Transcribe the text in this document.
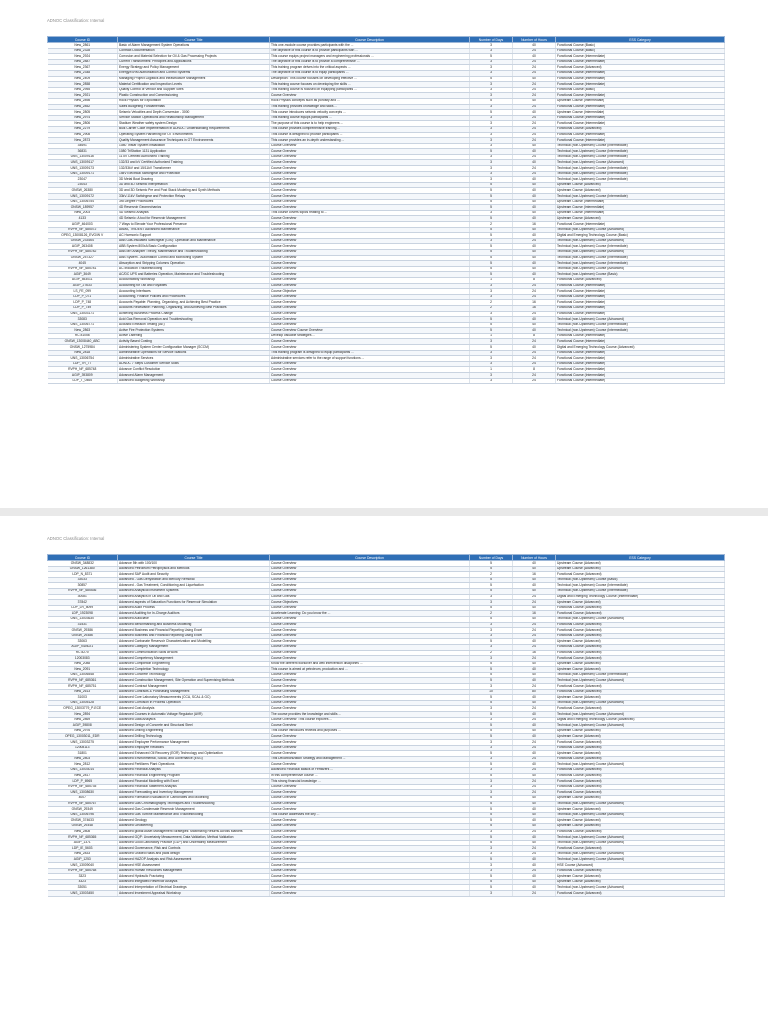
ADNOC Classification: Internal
Course ID	Course Title	Course Description	Number of Days	Number of Hours	ESS Category
New_2861	Basic of Alarm Management System Operations	This one-module course provides participants with the ...	3	40	Functional Course (Basic)
New_2328	Contract Documentation	The objective of this course is to provide participants with ...	3	24	Functional Course (Basic)
New_2924	Corrosion and Material Selection for Oil & Gas Processing Projects	This course equips project managers and engineering professionals ...	5	40	Functional Course (Intermediate)
New_2887	Current Transformers: Principles and Applications	The objective of this course is to provide a comprehensive ...	3	24	Functional Course (Intermediate)
New_2367	Energy Strategy and Policy Management	This training program delves into the critical aspects ...	3	24	Functional Course (Advanced)
New_2348	Energy/ISRM Authorization and Control Systems	The objective of this course is to equip participants ...	3	24	Functional Course (Intermediate)
New_2409	Managing Project Logistics and Infrastructure Management	Description: This course focuses on developing effective ...	5	40	Functional Course (Intermediate)
New_2858	Material Certification and Inspection Levels	This training course focuses on developing the skills ...	3	24	Functional Course (Intermediate)
New_2955	Quality Control of Vendor and Supplier Sites	This training course is focused on equipping participants ...	3	24	Functional Course (Basic)
New_2921	Plastic Construction and Commissioning	Course Overview	3	24	Functional Course (Intermediate)
New_2898	Rock Physics for Exploration	Rock Physics concepts such as porosity and ...	5	40	Upstream Course (Intermediate)
New_2852	Sales Budgeting Fundamentals	This training provides knowledge and skills ...	3	24	Functional Course (Intermediate)
New_2805	Seismic Velocities and Depth Conversion - 3000	This course introduces seismic velocity concepts ...	5	40	Upstream Course (Intermediate)
New_2974	Service Station Operations and Relationship Management	This training course equips participants ...	3	24	Functional Course (Intermediate)
New_2806	Stadium Weather safety system Design	The purpose of this course is to help engineers ...	3	24	Functional Course (Intermediate)
New_2279	Bulk Carrier Code Implementation in ADNOC: Understanding Requirements	This course provides comprehensive training ...	3	24	Functional Course (Advanced)
New_2908	Operating System Hardening for OT Environments	This course is designed to provide participants ...	3	24	Functional Course (Intermediate)
New_2873	Quality Management Assurance Techniques in OT Environments	This course provides an in-depth understanding ...	3	24	Functional Course (Intermediate)
34691	1080 Tristar System Installation	Course Overview	3	40	Technical (non-Upstream) Course (Intermediate)
36831	1080 TriStation 1131 Application	Course Overview	5	40	Technical (non-Upstream) Course (Intermediate)
UNS_13009116	11 kV Certified Authorized Training	Course Overview	3	24	Technical (non-Upstream) Course (Intermediate)
UNS_13009117	132/33 and kV Certified Authorized Training	Course Overview	3	40	Technical (non-Upstream) Course (Advanced)
UNS_13009173	132/33kV and 15/11kV Transformer	Course Overview	3	24	Technical (non-Upstream) Course (Intermediate)
UNS_13009171	15kV Electrical Switchgear and Protection	Course Overview	3	24	Technical (non-Upstream) Course (Intermediate)
23047	3D Metal Boat Drawing	Course Overview	3	40	Technical (non-Upstream) Course (Intermediate)
23043	3D and 4D Seismic Interpretation	Course Overview	5	40	Upstream Course (Advanced)
ONSW_26380	3D and 3D Seismic Pre and Post Stack Modeling and Synth Methods	Course Overview	5	40	Upstream Course (Advanced)
UNS_13009172	33kV-11kV Switchgear and Protection Relays	Course Overview	5	40	Technical (non-Upstream) Course (Intermediate)
UNS_13006754	3rd Degree Procedures	Course Overview	5	40	Upstream Course (Intermediate)
ONSW_189957	4D Reservoir Geomechanics	Course Overview	5	40	Upstream Course (Intermediate)
New_2003	4D Seismic Analysis	This course covers topics relating to ...	3	40	Upstream Course (Intermediate)
4133	4D Seismic: A tool for Reservoir Management	Course Overview	5	40	Upstream Course (Advanced)
AGIP_464003	7 Ways to Elevate Your Professional Presence	Course Overview	2	16	Functional Course (Intermediate)
RVPH_NF_685072	ABMA, TRIDENT Advanced Maintenance	Course Overview	5	40	Technical (non-Upstream) Course (Advanced)
OPEG_13008126_EVG/W V	AC Harmonic Support	Course Overview	5	40	Digital and Emerging Technology Course (Basic)
ONSW_233464	ABB Gas-Insulated Switchgear (GIS): Operation and Maintenance	Course Overview	3	24	Technical (non-Upstream) Course (Advanced)
AGIP_263408	ABB System 800xA Basic Configuration	Course Overview	5	40	Technical (non-Upstream) Course (Intermediate)
RVPH_NF_685782	ABB MR Analyzer Theory, Maintenance and Troubleshooting	Course Overview	5	40	Technical (non-Upstream) Course (Advanced)
ONSW_257327	ABB System - Automation Control and Monitoring System	Course Overview	5	40	Technical (non-Upstream) Course (Intermediate)
4045	Absorption and Stripping Columns Operation	Course Overview	5	40	Technical (non-Upstream) Course (Intermediate)
RVPH_NF_685781	AC Induction Troubleshooting	Course Overview	5	40	Technical (non-Upstream) Course (Advanced)
AGIP_3649	AC/DC UPS and Batteries Operation, Maintenance and Troubleshooting	Course Overview	5	40	Technical (non-Upstream) Course (Basic)
AGIP_553011	Accountability Workshop	Course Overview	1	8	Functional Course (Advanced)
AGIP_27633	Accounting for Tax and Royalties	Course Overview	3	24	Functional Course (Intermediate)
LS_FE_099	Accounting Interfaces	Course Objective	3	24	Functional Course (Intermediate)
LDP_P_071	Accounting, Finance Policies and Procedures	Course Overview	3	24	Functional Course (Intermediate)
LDP_P_748	Accounts Payable: Planning, Organizing, and Achieving Best Practice	Course Overview	2	16	Functional Course (Intermediate)
LDP_P_749	Accounts Receivable: Planning, Organizing, and Achieving Best Practices	Course Overview	2	16	Functional Course (Intermediate)
UNS_13003171	Achieving Business Process Change	Course Overview	3	24	Functional Course (Intermediate)
33083	Acid Gas Removal Operation and Troubleshooting	Course Overview	5	40	Technical (non-Upstream) Course (Advanced)
UNS_13006771	Acoustic Emission Testing (AE)	Course Overview	5	40	Technical (non-Upstream) Course (Intermediate)
New_2863	Active Fire Protection Systems	Course Overview Course Overview	5	40	Technical (non-Upstream) Course (Intermediate)
RC 81056	Active Listening	Develop valuable strategies ...	1	8	Functional Course (Intermediate)
ONSW_13008440_ABC	Activity Based Costing	Course Overview	3	24	Functional Course (Intermediate)
ONSW_1275984	Administering System Center Configuration Manager (SCCM)	Course Overview	5	40	Digital and Emerging Technology Course (Advanced)
New_2818	Administrative Operations for Service Stations	This training program is designed to equip participants ...	3	24	Functional Course (Intermediate)
UNS_13006754	Administrative Services	Administrative services refer to the range of support functions ...	3	24	Functional Course (Intermediate)
LDP_TR_77	ADNOC 7 Steps Customer Service Skills	Course Overview	3	24	Functional Course (Intermediate)
RVPH_NF_685748	Advance Conflict Resolution	Course Overview	1	8	Functional Course (Intermediate)
AGIP_393809	Advanced Alarm Management	Course Overview	3	24	Functional Course (Intermediate)
LDP_T_0465	Advanced Budgeting Workshop	Course Overview	3	24	Functional Course (Intermediate)
ADNOC Classification: Internal
Course ID	Course Title	Course Description	Number of Days	Number of Hours	ESS Category
ONSW_348832	Advance 5th with 100/100	Course Overview	5	40	Upstream Course (Advanced)
ONSW_1261380	Advanced Petroleum Petrophysics and Methods	Course Overview	5	40	Upstream Course (Advanced)
LDP_N_8371	Advanced SAP Audit and Security	Course Overview	2	16	Functional Course (Advanced)
33033	Advanced - Gas Dehydration and Mercury Removal	Course Overview	5	40	Technical (non-Upstream) Course (Basic)
30857	Advanced - Gas Treatment, Conditioning and Liquefaction	Course Overview	5	40	Technical (non-Upstream) Course (Intermediate)
RVPH_NF_685536	Advanced Analytical Instrument Systems	Course Overview	5	40	Technical (non-Upstream) Course (Intermediate)
30081	Advanced Analytics in Oil and Gas	Course Overview	3	24	Digital and Emerging Technology Course (Intermediate)
37842	Advanced aspects of Saturation Functions for Reservoir Simulation	Course Objectives	3	24	Upstream Course (Advanced)
LDP_LR_5099	Advanced Audit Process	Course Overview	5	40	Functional Course (Advanced)
LDP_1923098	Advanced Auditing for In-Charge Auditors	Accelerate Learning: Do you know the ...	2	16	Functional Course (Advanced)
UNS_13003630	Advanced Autoclave	Course Overview	5	40	Technical (non-Upstream) Course (Advanced)
31531	Advanced Benchmarking and Business Modelling	Course Overview	3	24	Functional Course (Advanced)
ONSW_29386	Advanced Business and Financial Reporting Using Excel	Course Overview	3	24	Functional Course (Advanced)
ONSW_29386	Advanced Business and Financial Reporting Using Excel	Course Overview	3	24	Functional Course (Advanced)
33063	Advanced Carbonate Reservoir Characterization and Modelling	Course Overview	5	40	Upstream Course (Advanced)
AGIP_N1B021	Advanced Category Management	Course Overview	3	24	Functional Course (Advanced)
RC 8270	Advanced Communication Skills at work	Course Overview	2	16	Functional Course (Advanced)
12003083	Advanced Competency Management	Course Overview	3	24	Functional Course (Advanced)
New_2088	Advanced Completion Engineering	Know the different workover and well intervention disciplines ...	5	40	Upstream Course (Advanced)
New_2091	Advanced Completion Technology	This course is aimed at petroleum, production and ...	5	40	Upstream Course (Advanced)
UNS_13006548	Advanced Concrete Technology	Course Overview	5	40	Technical (non-Upstream) Course (Intermediate)
RVPH_NF_685361	Advanced Construction Management, Site Operation and Supervising Methods	Course Overview	5	40	Technical (non-Upstream) Course (Advanced)
RVPH_NF_685751	Advanced Contract Management	Course Overview	3	24	Functional Course (Advanced)
New_2613	Advanced Contracts & Purchasing Management	Course Overview	10	80	Functional Course (Advanced)
31003	Advanced Core Laboratory Measurements (CCA, SCAL & GC)	Course Overview	5	40	Upstream Course (Advanced)
UNS_13005128	Advanced Corrosion in Process Operation	Course Overview	5	40	Technical (non-Upstream) Course (Advanced)
OPEG_13003779_P-ECE	Advanced Cost Analysis	Course Overview	3	24	Functional Course (Advanced)
New_2894	Advanced Courses in Automatic Voltage Regulator (AVR)	The course provides the knowledge and skills ...	5	40	Technical (non-Upstream) Course (Advanced)
New_2869	Advanced Data Analytics	Course Overview: This course explores ...	3	24	Digital and Emerging Technology Course (Advanced)
AGIP_39808	Advanced Design of Concrete and Structural Steel	Course Overview	5	40	Technical (non-Upstream) Course (Advanced)
New_2976	Advanced Drilling Engineering	This course introduces reviews and purposes ...	5	40	Upstream Course (Advanced)
OPEG_13003011_EDR	Advanced Drilling Technology	Course Overview	5	40	Upstream Course (Advanced)
UNS_13003275	Advanced Employee Performance Management	Course Overview	3	24	Functional Course (Advanced)
12008113	Advanced Employee Relations	Course Overview	3	24	Functional Course (Advanced)
31801	Advanced Enhanced Oil Recovery (EOR) Technology and Optimization	Course Overview	5	40	Upstream Course (Advanced)
New_2803	Advanced Environmental, Social, and Governance (ESG)	This Decarbonization Strategy and Management ...	3	24	Functional Course (Advanced)
New_2812	Advanced Fertilizers Plant Operations	Course Overview	5	40	Technical (non-Upstream) Course (Advanced)
UNS_13003014	Advanced Financial Analysis	Advanced Financial Basics of Fertilizers ...	3	24	Functional Course (Advanced)
New_2817	Advanced Financial Engineering Program	In this comprehensive course ...	5	40	Functional Course (Advanced)
LDP_P_6965	Advanced Financial Modelling with Excel	This strong financial knowledge ...	3	24	Functional Course (Advanced)
RVPH_NF_685735	Advanced Financial Statement Analysis	Course Overview	3	24	Functional Course (Advanced)
UNS_13008630	Advanced Forecasting and Inventory Management	Course Overview	3	24	Functional Course (Advanced)
4007	Advanced Formation Evaluation in Carbonates and Modelling	Course Overview	5	40	Upstream Course (Advanced)
RVPH_NF_685767	Advanced Gas Chromatography Techniques and Troubleshooting	Course Overview	5	40	Technical (non-Upstream) Course (Advanced)
ONSW_29349	Advanced Gas Condensate Reservoir Management	Course Overview	5	40	Upstream Course (Advanced)
UNS_13006796	Advanced Gas Turbine Maintenance and Troubleshooting	This course addresses the key ...	5	40	Technical (non-Upstream) Course (Advanced)
ONSW_374633	Advanced Geology	Course Overview	5	40	Upstream Course (Advanced)
ONSW_29348	Advanced Geosteering	Course Overview	5	40	Upstream Course (Advanced)
New_2808	Advanced global Asset Management Strategies: Maximizing Returns Across Markets	Course Overview	3	24	Functional Course (Advanced)
RVPH_NF_685365	Advanced GQP: Uncertainty Measurement, Data Validation, Method Validation	Course Overview	5	40	Technical (non-Upstream) Course (Advanced)
AGIP_1371	Advanced Good Laboratory Practice (GLP) and Uncertainty Measurement	Course Overview	5	40	Technical (non-Upstream) Course (Advanced)
LDP_IE_5603	Advanced Governance, Risk and Controls	Course Overview	3	24	Functional Course (Advanced)
New_2833	Advanced Graded roads and pads design	Course Overview	3	24	Technical (non-Upstream) Course (Advanced)
AGIP_1253	Advanced HAZOP Analysis and Risk Assessment	Course Overview	5	40	Technical (non-Upstream) Course (Advanced)
UNS_13009040	Advanced HSE Assessment	Course Overview	3	40	HSE Course (Advanced)
RVPH_NF_685768	Advanced Human Resources Management	Course Overview	3	24	Functional Course (Advanced)
3323	Advanced Hydraulic Fracturing	Course Overview	5	40	Upstream Course (Advanced)
4323	Advanced Integrated Reservoir Analysis	Course Overview	5	40	Upstream Course (Advanced)
33051	Advanced Interpretation of Electrical Drawings	Course Overview	5	40	Technical (non-Upstream) Course (Advanced)
UNS_13003450	Advanced Investment Appraisal Workshop	Course Overview	3	24	Functional Course (Advanced)
